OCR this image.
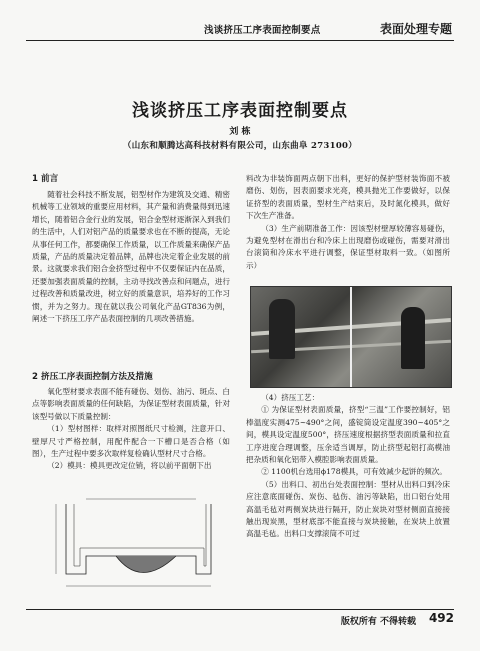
浅谈挤压工序表面控制要点	表面处理专题
浅谈挤压工序表面控制要点
刘 栋
（山东和顺腾达高科技材料有限公司，山东曲阜 273100）

1 前言

随着社会科技不断发展，铝型材作为建筑及交通、精密机械等工业领域的重要应用材料，其产量和消费量得到迅速增长，随着铝合金行业的发展，铝合金型材逐渐深入到我们的生活中，人们对铝产品的质量要求也在不断的提高，无论从事任何工作，都要确保工作质量，以工作质量来确保产品质量，产品的质量决定着品牌，品牌也决定着企业发展的前景。这就要求我们铝合金挤型过程中不仅要保证内在品质，还要加强表面质量的控制，主动寻找改善点和问题点，进行过程改善和质量改进，树立好的质量意识，培养好的工作习惯，并为之努力。现在就以我公司氧化产品GT836为例，阐述一下挤压工序产品表面控制的几项改善措施。

2 挤压工序表面控制方法及措施

氧化型材要求表面不能有碰伤、划伤、油污、斑点、白点等影响表面质量的任何缺陷，为保证型材表面质量，针对该型号做以下质量控制：

（1）型材图样：取样对照图纸尺寸检测，注意开口、壁厚尺寸严格控制，用配件配合一下槽口是否合格（如图），生产过程中要多次取样复检确认型材尺寸合格。

（2）模具：模具更改定位销，将以前平面朝下出

料改为非装饰面两点朝下出料，更好的保护型材装饰面不被磨伤、划伤，因表面要求光亮，模具抛光工作要做好，以保证挤型的表面质量，型材生产结束后，及时氮化模具，做好下次生产准备。

（3）生产前期准备工作：因该型材壁厚较薄容易碰伤，为避免型材在滑出台和冷床上出现磨伤或碰伤，需要对滑出台滚筒和冷床水平进行调整，保证型材取料一致。（如图所示）

（4）挤压工艺：

① 为保证型材表面质量，挤型“三温”工作要控制好，铝棒温度实测475~490°之间，盛锭筒设定温度390~405°之间，模具设定温度500°，挤压速度根据挤型表面质量和拉直工序进度合理调整，压余适当调厚，防止挤型起铝打高模油把杂质和氧化铝带入模腔影响表面质量。

② 1100机台选用ϕ178模具，可有效减少起饼的频次。

（5）出料口、初出台处表面控制：型材从出料口到冷床应注意底面碰伤、炭伤、毡伤、油污等缺陷，出口铝台处用高温毛毡对两侧炭块进行隔开，防止炭块对型材侧面直接接触出现炭黑，型材底部不能直接与炭块接触，在炭块上放置高温毛毡。出料口支撑滚筒不可过

版权所有 不得转载 492
